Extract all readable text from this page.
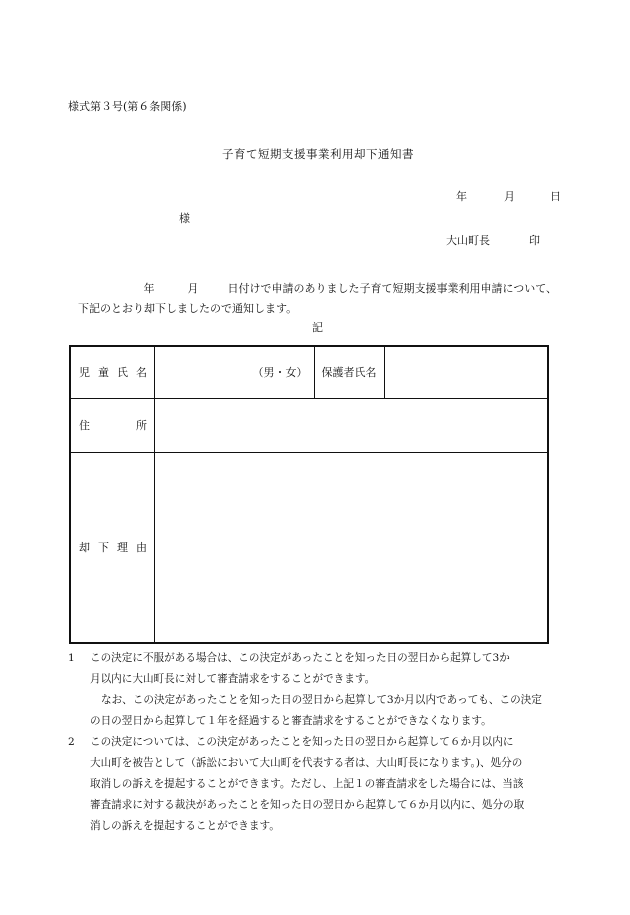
様式第３号(第６条関係)
子育て短期支援事業利用却下通知書
年	月	日
様
大山町長	印
年	月	日付けで申請のありました子育て短期支援事業利用申請について、
下記のとおり却下しましたので通知します。
記
児 童 氏 名	（男・女）	保護者氏名	

住 所			

却 下 理 由			

1	この決定に不服がある場合は、この決定があったことを知った日の翌日から起算して3か
月以内に大山町長に対して審査請求をすることができます。
なお、この決定があったことを知った日の翌日から起算して3か月以内であっても、この決定
の日の翌日から起算して１年を経過すると審査請求をすることができなくなります。
2	この決定については、この決定があったことを知った日の翌日から起算して６か月以内に
大山町を被告として（訴訟において大山町を代表する者は、大山町長になります。)、処分の
取消しの訴えを提起することができます。ただし、上記１の審査請求をした場合には、当該
審査請求に対する裁決があったことを知った日の翌日から起算して６か月以内に、処分の取
消しの訴えを提起することができます。
